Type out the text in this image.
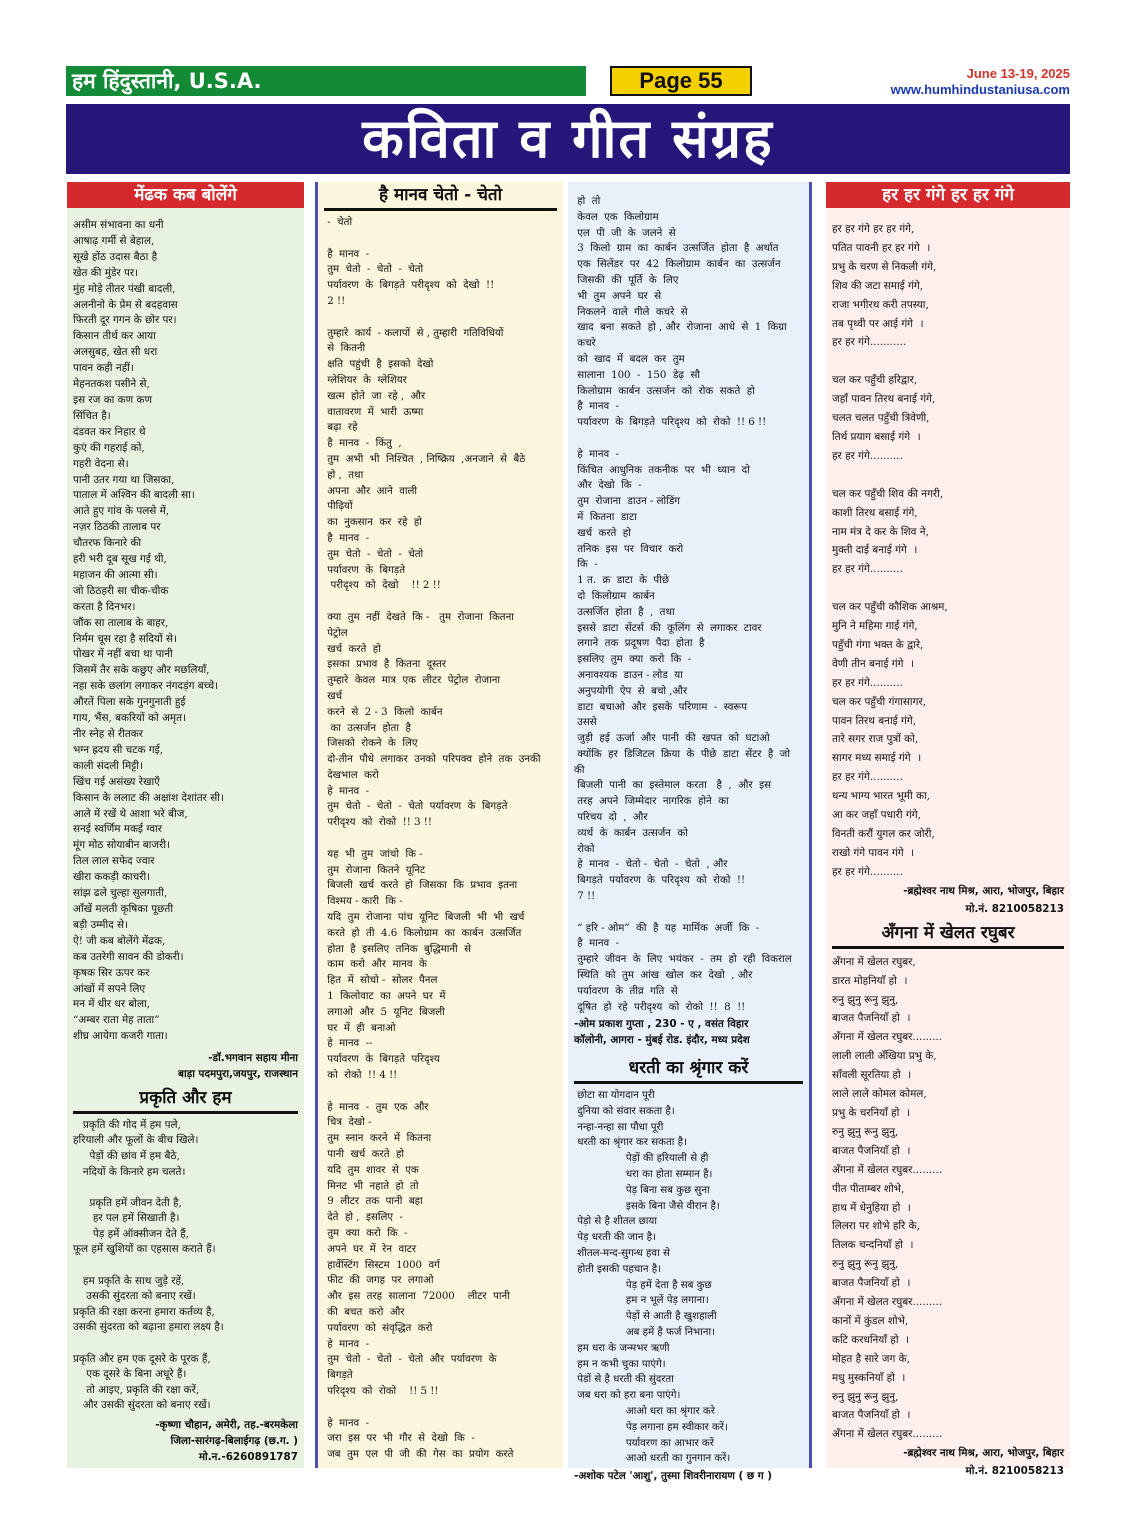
हम हिंदुस्तानी, U.S.A.	Page 55	June 13-19, 2025
www.humhindustaniusa.com
कविता व गीत संग्रह
मेंढक कब बोलेंगे
असीम संभावना का धनी
आषाढ़ गर्मी से बेहाल,
सूखे होंठ उदास बैठा है
खेत की मुंडेर पर।
मुंह मोड़े तीतर पंखी बादली,
अलनीनो के प्रेम से बदहवास
फिरती दूर गगन के छोर पर।
किसान तीर्थ कर आया
अलसुबह, खेत सी धरा
पावन कही नहीं।
मेहनतकश पसीने से,
इस रज का कण कण
सिंचित है।
दंडवत कर निहार थे
कुएं की गहराई को,
गहरी वेदना से।
पानी उतर गया था जिसका,
पाताल में अश्विन की बादली सा।
आते हुए गांव के पलसे में,
नज़र ठिठकी तालाब पर
चौतरफ किनारे की
हरी भरी दूब सूख गई थी,
महाजन की आत्मा सी।
जो ठिठहरी सा चीक-चीक
करता है दिनभर।
जौंक सा तालाब के बाहर,
निर्मम चूस रहा है सदियों से।
पोखर में नहीं बचा था पानी
जिसमें तैर सके कछुए और मछलियाँ,
नहा सके छलांग लगाकर नंगदड़ंग बच्चे।
औरतें पिला सके गुनगुनाती हुई
गाय, भैंस, बकरियों को अमृत।
नीर स्नेह से रीतकर
भग्न ह्रदय सी चटक गई,
काली संदली मिट्टी।
खिंच गई असंख्य रेखाएँ
किसान के ललाट की अक्षांश देशांतर सी।
आले में रखें थे आशा भरे बीज,
सनई स्वर्णिम मकई ग्वार
मूंग मोठ सोयाबीन बाजरी।
तिल लाल सफेद ज्वार
खीरा ककड़ी काचरी।
सांझ ढले चुल्हा सुलगाती,
आँखें मलती कृषिका पूछती
बड़ी उम्मीद से।
ऐ! जी कब बोलेंगे मेंढक,
कब उतरेगी सावन की डोकरी।
कृषक सिर ऊपर कर
आंखों में सपने लिए
मन में धीर धर बोला,
“अम्बर राता मेह ताता”
शीघ्र आयेगा कजरी गाता।
-डॉ.भगवान सहाय मीना
बाड़ा पदमपुरा,जयपुर, राजस्थान
प्रकृति और हम
प्रकृति की गोद में हम पले,
हरियाली और फूलों के बीच खिले।
पेड़ों की छांव में हम बैठे,
नदियों के किनारे हम चलते।

प्रकृति हमें जीवन देती है,
हर पल हमें सिखाती है।
पेड़ हमें ऑक्सीजन देते हैं,
फूल हमें खुशियों का एहसास कराते हैं।

हम प्रकृति के साथ जुड़े रहें,
उसकी सुंदरता को बनाए रखें।
प्रकृति की रक्षा करना हमारा कर्तव्य है,
उसकी सुंदरता को बढ़ाना हमारा लक्ष्य है।

प्रकृति और हम एक दूसरे के पूरक हैं,
एक दूसरे के बिना अधूरे हैं।
तो आइए, प्रकृति की रक्षा करें,
और उसकी सुंदरता को बनाए रखें।
-कृष्णा चौहान, अमेरी, तह.-बरमकेला
जिला-सारंगढ़-बिलाईगढ़ (छ.ग. )
मो.न.-6260891787
है मानव चेतो - चेतो
-  चेतो

है  मानव  -
तुम  चेतो  -  चेतो  -  चेतो
पर्यावरण  के  बिगड़ते  परीदृश्य  को  देखो  !!
2 !!

तुम्हारे  कार्य  - कलापों  से , तुम्हारी  गतिविधियों
से  कितनी
क्षति  पहुंची  है  इसको  देखो
ग्लेशियर  के  ग्लेशियर
खत्म  होते  जा  रहे ,  और
वातावरण  में  भारी  ऊष्मा
बढ़ा  रहे
है  मानव  -  किंतु  ,
तुम  अभी  भी  निश्चित  , निष्क्रिय  ,अनजाने  से  बैठे
हो ,  तथा
अपना  और  आने  वाली
पीढ़ियों
का  नुकसान  कर  रहे  हो
है  मानव  -
तुम  चेतो  -  चेतो  -  चेतो
पर्यावरण  के  बिगड़ते
परीदृश्य  को  देखो    !! 2 !!

क्या  तुम  नहीं  देखते  कि -   तुम  रोजाना  कितना
पेट्रोल
खर्च  करते  हो
इसका  प्रभाव  है  कितना  दूस्तर
तुम्हारे  केवल  मात्र  एक  लीटर  पेट्रोल  रोजाना
खर्च
करने  से  2 - 3  किलो  कार्बन
का  उत्सर्जन  होता  है
जिसको  रोकने  के  लिए
दो-तीन  पौधे  लगाकर  उनको  परिपक्व  होने  तक  उनकी
देखभाल  करो
हे  मानव  -
तुम  चेतो  -  चेतो  -  चेतो  पर्यावरण  के  बिगड़ते
परीदृश्य  को  रोको  !! 3 !!

यह  भी  तुम  जांचो  कि -
तुम  रोजाना  कितने  यूनिट
बिजली  खर्च  करते  हो  जिसका  कि  प्रभाव  इतना
विश्मय - कारी  कि -
यदि  तुम  रोजाना  पांच  यूनिट  बिजली  भी  भी  खर्च
करते  हो  ती  4.6  किलोग्राम  का  कार्बन  उत्सर्जित
होता  है  इसलिए  तनिक  बुद्धिमानी  से
काम  करो  और  मानव  के
हित  में  सोचो -  सोलर  पैनल
1  किलोवाट  का  अपने  घर  में
लगाओ  और  5  यूनिट  बिजली
घर  में  ही  बनाओ
हे  मानव  --
पर्यावरण  के  बिगड़ते  परिदृश्य
को  रोको  !! 4 !!

हे  मानव  -  तुम  एक  और
चित्र  देखो -
तुम  स्नान  करने  में  कितना
पानी  खर्च  करते  हो
यदि  तुम  शावर  से  एक
मिनट  भी  नहाते  हो  तो
9  लीटर  तक  पानी  बहा
देते  हो ,  इसलिए  -
तुम  क्या  करो  कि  -
अपने  घर  में  रेन  वाटर
हार्वेस्टिंग  सिस्टम  1000  वर्ग
फीट  की  जगह  पर  लगाओ
और  इस  तरह  सालाना  72000    लीटर  पानी
की  बचत  करो  और
पर्यावरण  को  संवृद्धित  करो
हे  मानव  -
तुम  चेतो  -  चेतो  -  चेतो  और  पर्यावरण  के
बिगड़ते
परिदृश्य  को  रोको    !! 5 !!

हे  मानव  -
जरा  इस  पर  भी  गौर  से  देखो  कि  -
जब  तुम  एल  पी  जी  की  गेस  का  प्रयोग  करते
हो  तो
केवल  एक  किलोग्राम
एल  पी  जी  के  जलने  से
3  किलो  ग्राम  का  कार्बन  उत्सर्जित  होता  है  अर्थात
एक  सिलेंडर  पर  42  किलोग्राम  कार्बन  का  उत्सर्जन
जिसकी  की  पूर्ति  के  लिए
भी  तुम  अपने  घर  से
निकलने  वाले  गीले  कचरे  से
खाद  बना  सकते  हो , और  रोजाना  आधे  से  1  किग्रा
कचरे
को  खाद  में  बदल  कर  तुम
सालाना  100  -  150  डेढ़  सौ
किलोग्राम  कार्बन  उत्सर्जन  को  रोक  सकते  हो
है  मानव  -
पर्यावरण  के  बिगड़ते  परिदृश्य  को  रोको  !! 6 !!

हे  मानव  -
किंचित  आधुनिक  तकनीक  पर  भी  ध्यान  दो
और  देखो  कि  -
तुम  रोजाना  डाउन - लोडिंग
में  कितना  डाटा
खर्च  करते  हो
तनिक  इस  पर  विचार  करो
कि  -
1 त.  क्र  डाटा  के  पीछे
दो  किलोग्राम  कार्बन
उत्सर्जित  होता  है  ,  तथा
इससे  डाटा  सेंटर्स  की  कूलिंग  से  लगाकर  टावर
लगाने  तक  प्रदूषण  पैदा  होता  है
इसलिए  तुम  क्या  करो  कि  -
अनावश्यक  डाउन - लोड  या
अनुपयोगी  ऐप  से  बचो ,और
डाटा  बचाओ  और  इसके  परिणाम  -  स्वरूप
उससे
जुड़ी  हई  ऊर्जा  और  पानी  की  खपत  को  घटाओ
क्योंकि  हर  डिजिटल  क्रिया  के  पीछे  डाटा  सेंटर  है  जो  की
बिजली  पानी  का  इस्तेमाल  करता   है  ,  और  इस
तरह  अपने  जिम्मेदार  नागरिक  होने  का
परिचय  दो  ,  और
व्यर्थ  के  कार्बन  उत्सर्जन  को
रोको
हे  मानव  -  चेतो -  चेतो  -  चेतो  , और
बिगड़ते  पर्यावरण  के  परिदृश्य  को  रोको  !!
7 !!

“ हरि - ओम”  की  है  यह  मार्मिक  अर्जी  कि  -
है  मानव  -
तुम्हारे  जीवन  के  लिए  भयंकर  -  तम  हो  रही  विकराल
स्थिति  को  तुम  आंख  खोल  कर  देखो  , और
पर्यावरण  के  तीव्र  गति  से
दूषित  हो  रहे  परीदृश्य  को  रोको  !!  8  !!
-ओम प्रकाश गुप्ता , 230 - ए , वसंत विहार
कॉलोनी, आगरा - मुंबई रोड. इंदौर, मध्य प्रदेश
धरती का श्रृंगार करें
छोटा सा योगदान पूरी
दुनिया को संवार सकता है।
नन्हा-नन्हा सा पौधा पूरी
धरती का श्रृंगार कर सकता है।
पेड़ों की हरियाली से ही
धरा का होता सम्मान है।
पेड़ बिना सब कुछ सुना
इसके बिना जैसे वीरान है।
पेड़ो से है शीतल छाया
पेड़ धरती की जान है।
शीतल-मन्द-सुगन्ध हवा से
होती इसकी पहचान है।
पेड़ हमें देता है सब कुछ
हम न भूलें पेड़ लगाना।
पेड़ों से आती है खुशहाली
अब हमें है फर्ज निभाना।
हम धरा के जन्मभर ऋणी
हम न कभी चुका पाएंगे।
पेडों से है धरती की सुंदरता
जब धरा को हरा बना पाएंगे।
आओ धरा का श्रृंगार करे
पेड़ लगाना हम स्वीकार करें।
पर्यावरण का आभार करें
आओ धरती का गुनगान करें।
-अशोक पटेल 'आशु', तुस्मा शिवरीनारायण ( छ ग )
हर हर गंगे हर हर गंगे
हर हर गंगे हर हर गंगे,
पतित पावनी हर हर गंगे  ।
प्रभु के चरण से निकली गंगे,
शिव की जटा समाई गंगे,
राजा भगीरथ करी तपस्या,
तब पृथ्वी पर आई गंगे  ।
हर हर गंगे...........

चल कर पहुँची हरिद्वार,
जहाँ पावन तिरथ बनाई गंगे,
चलत चलत पहुँची त्रिवेणी,
तिर्थ प्रयाग बसाई गंगे  ।
हर हर गंगे..........

चल कर पहुँची शिव की नगरी,
काशी तिरथ बसाई गंगे,
नाम मंत्र दे कर के शिव ने,
मुक्ती दाई बनाई गंगे  ।
हर हर गंगे..........

चल कर पहुँची कौशिक आश्रम,
मुनि ने महिमा गाई गंगे,
पहुँची गंगा भक्त के द्वारे,
वेणी तीन बनाई गंगे  ।
हर हर गंगे..........
चल कर पहुँची गंगासागर,
पावन तिरथ बनाई गंगे,
तारे सगर राज पुत्रों को,
सागर मध्य समाई गंगे  ।
हर हर गंगे..........
धन्य भाग्य भारत भूमी का,
आ कर जहाँ पधारी गंगे,
विनती करौं युगल कर जोरी,
राखो गंगे पावन गंगे  ।
हर हर गंगे..........
-ब्रह्मेश्वर नाथ मिश्र, आरा, भोजपुर, बिहार
मो.नं. 8210058213
अँगना में खेलत रघुबर
अँगना में खेलत रघुबर,
डारत मोहनियाँ हो  ।
रुनु झुनु रूनु झुनु,
बाजत पैजनियाँ हो  ।
अँगना में खेलत रघुबर.........
लाली लाली अँखिया प्रभु के,
साँवली सूरतिया हो  ।
लाले लाले कोमल कोमल,
प्रभु के चरनियाँ हो  ।
रुनु झुनु रूनु झुनु,
बाजत पैजनियाँ हो  ।
अँगना में खेलत रघुबर.........
पीत पीताम्बर शोभे,
हाथ में धेनुहिया हो  ।
लिलरा पर शोभे हरि के,
तिलक चन्दनियाँ हो  ।
रुनु झुनु रूनु झुनु,
बाजत पैजनियाँ हो  ।
अँगना में खेलत रघुबर.........
कानों में कुंडल शोभे,
कटि करधनियाँ हो  ।
मोहत है सारे जग के,
मधु मुस्कनियाँ हो  ।
रुनु झुनु रूनु झुनु,
बाजत पैजनियाँ हो  ।
अँगना में खेलत रघुबर.........
-ब्रह्मेश्वर नाथ मिश्र, आरा, भोजपुर, बिहार
मो.नं. 8210058213
